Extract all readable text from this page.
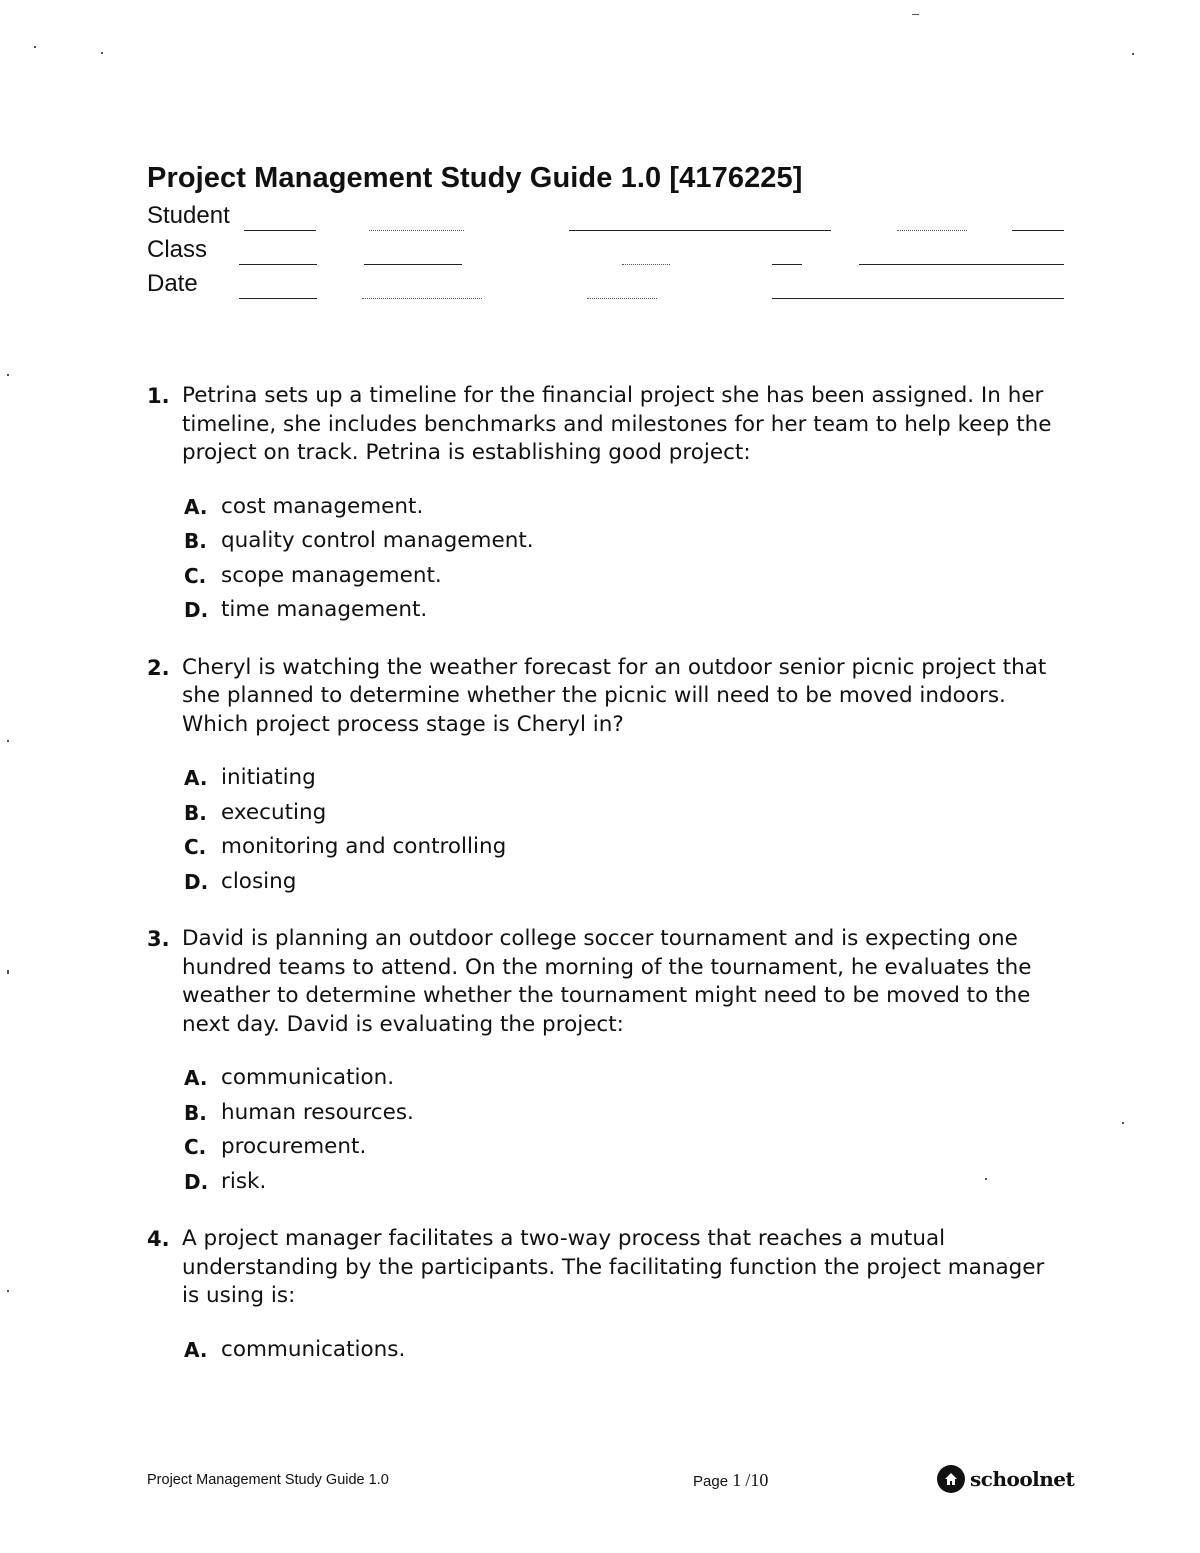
Project Management Study Guide 1.0 [4176225]
Student
Class
Date
1. Petrina sets up a timeline for the financial project she has been assigned. In her timeline, she includes benchmarks and milestones for her team to help keep the project on track. Petrina is establishing good project:
A. cost management.
B. quality control management.
C. scope management.
D. time management.
2. Cheryl is watching the weather forecast for an outdoor senior picnic project that she planned to determine whether the picnic will need to be moved indoors. Which project process stage is Cheryl in?
A. initiating
B. executing
C. monitoring and controlling
D. closing
3. David is planning an outdoor college soccer tournament and is expecting one hundred teams to attend. On the morning of the tournament, he evaluates the weather to determine whether the tournament might need to be moved to the next day. David is evaluating the project:
A. communication.
B. human resources.
C. procurement.
D. risk.
4. A project manager facilitates a two-way process that reaches a mutual understanding by the participants. The facilitating function the project manager is using is:
A. communications.
Project Management Study Guide 1.0	Page 1 /10	schoolnet
